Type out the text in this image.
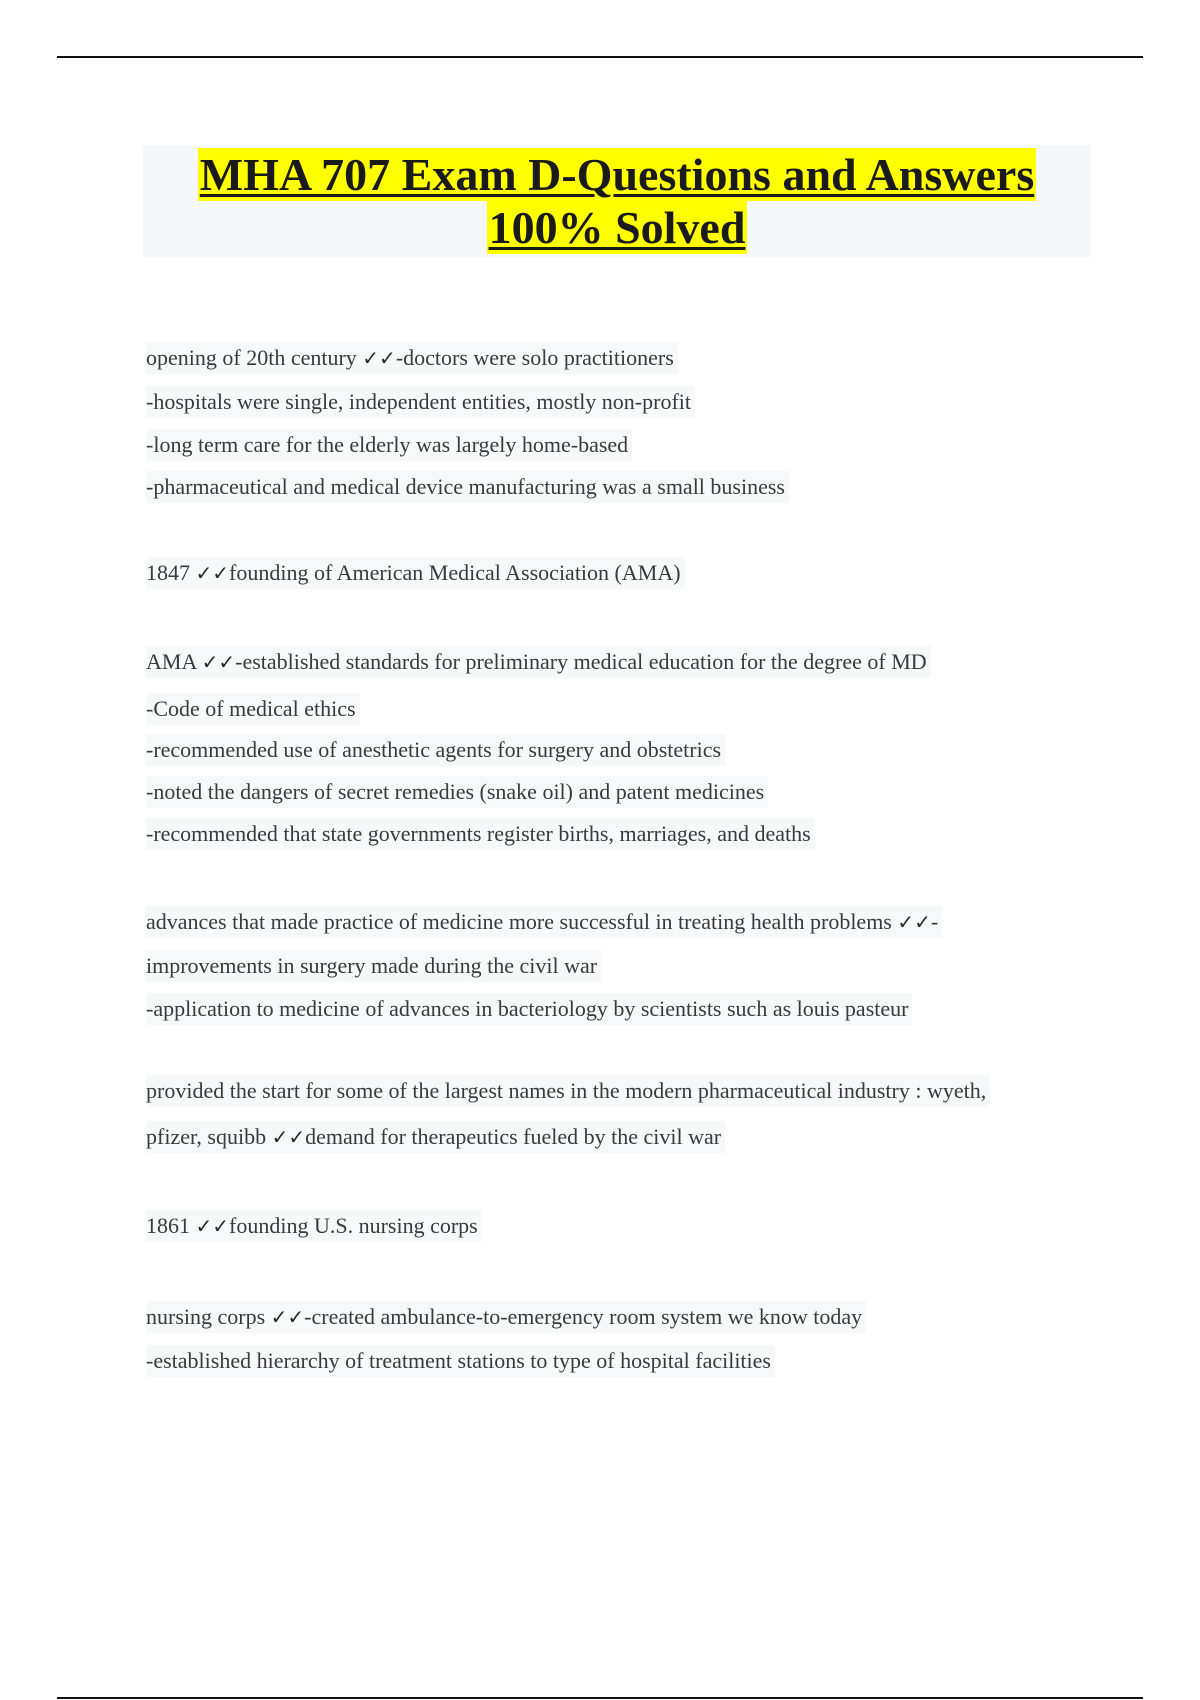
MHA 707 Exam D-Questions and Answers
100% Solved
opening of 20th century ✓✓-doctors were solo practitioners
-hospitals were single, independent entities, mostly non-profit
-long term care for the elderly was largely home-based
-pharmaceutical and medical device manufacturing was a small business
1847 ✓✓founding of American Medical Association (AMA)
AMA ✓✓-established standards for preliminary medical education for the degree of MD
-Code of medical ethics
-recommended use of anesthetic agents for surgery and obstetrics
-noted the dangers of secret remedies (snake oil) and patent medicines
-recommended that state governments register births, marriages, and deaths
advances that made practice of medicine more successful in treating health problems ✓✓-
improvements in surgery made during the civil war
-application to medicine of advances in bacteriology by scientists such as louis pasteur
provided the start for some of the largest names in the modern pharmaceutical industry : wyeth,
pfizer, squibb ✓✓demand for therapeutics fueled by the civil war
1861 ✓✓founding U.S. nursing corps
nursing corps ✓✓-created ambulance-to-emergency room system we know today
-established hierarchy of treatment stations to type of hospital facilities
